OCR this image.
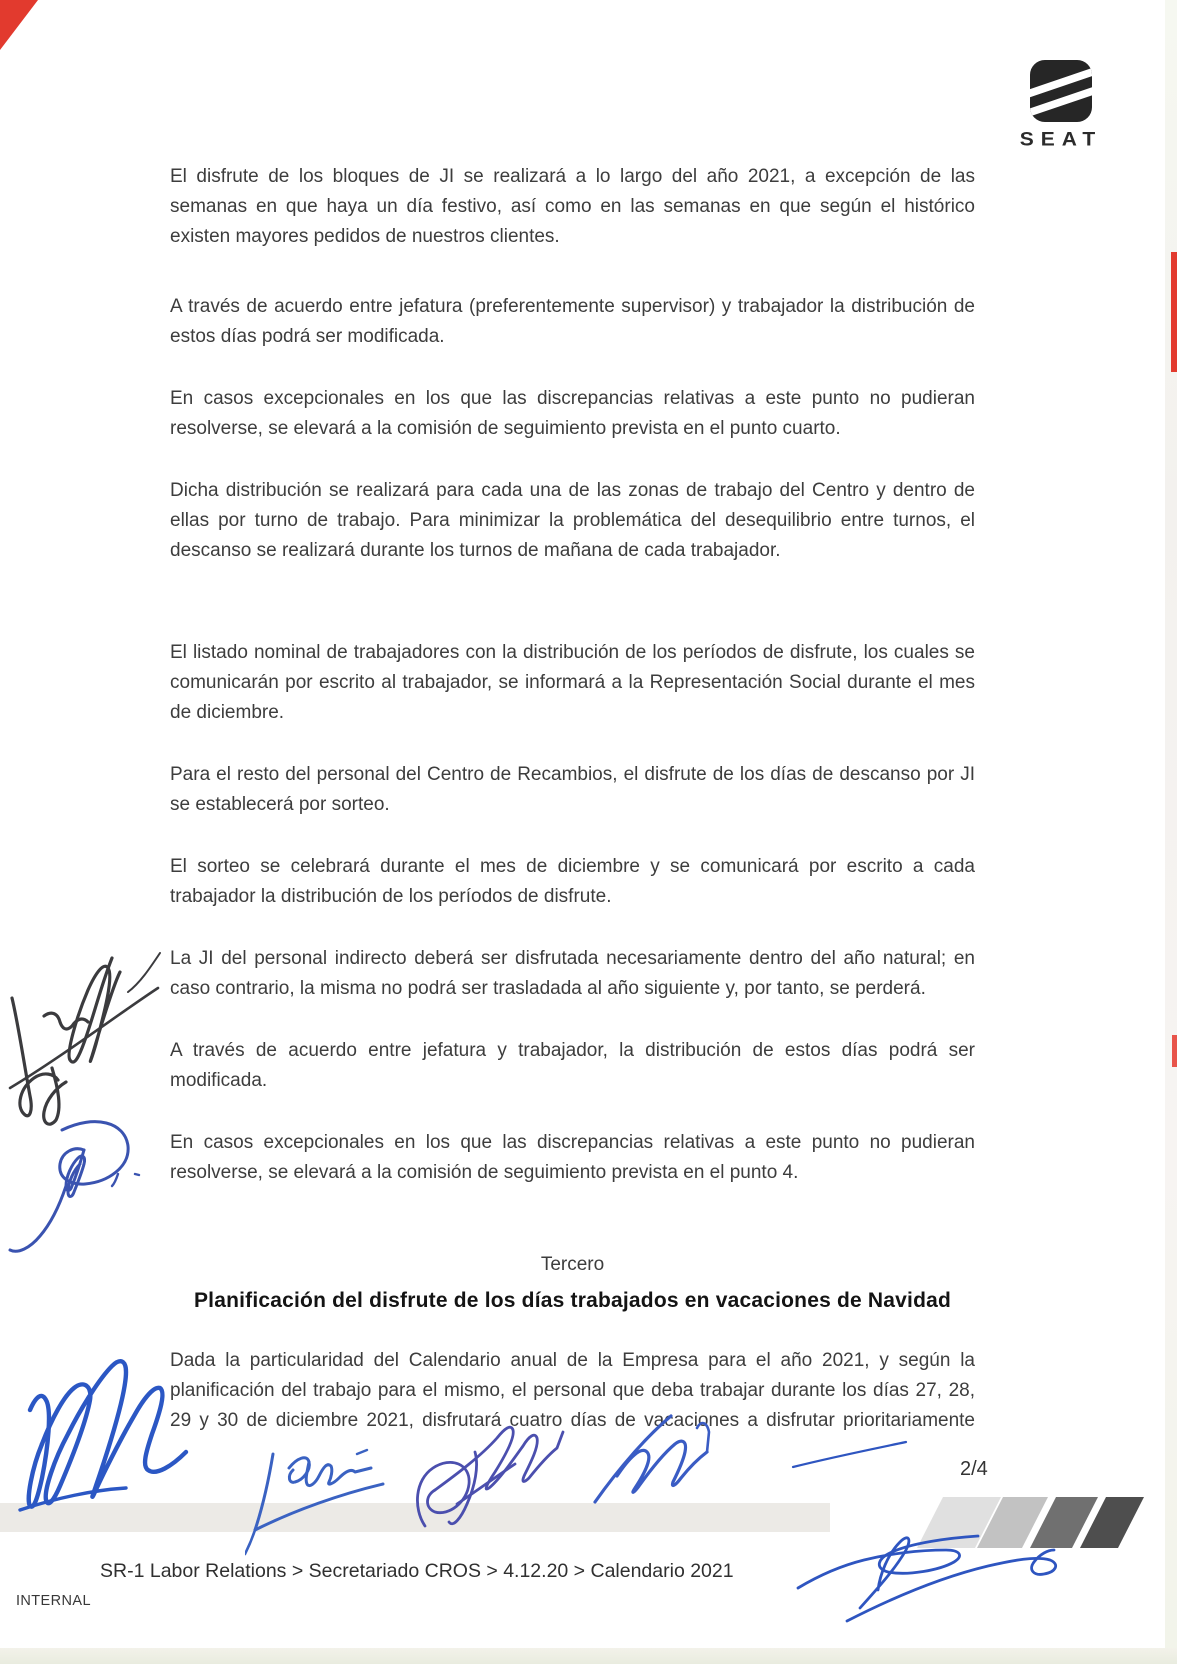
SEAT

El disfrute de los bloques de JI se realizará a lo largo del año 2021, a excepción de las semanas en que haya un día festivo, así como en las semanas en que según el histórico existen mayores pedidos de nuestros clientes.

A través de acuerdo entre jefatura (preferentemente supervisor) y trabajador la distribución de estos días podrá ser modificada.

En casos excepcionales en los que las discrepancias relativas a este punto no pudieran resolverse, se elevará a la comisión de seguimiento prevista en el punto cuarto.

Dicha distribución se realizará para cada una de las zonas de trabajo del Centro y dentro de ellas por turno de trabajo. Para minimizar la problemática del desequilibrio entre turnos, el descanso se realizará durante los turnos de mañana de cada trabajador.

El listado nominal de trabajadores con la distribución de los períodos de disfrute, los cuales se comunicarán por escrito al trabajador, se informará a la Representación Social durante el mes de diciembre.

Para el resto del personal del Centro de Recambios, el disfrute de los días de descanso por JI se establecerá por sorteo.

El sorteo se celebrará durante el mes de diciembre y se comunicará por escrito a cada trabajador la distribución de los períodos de disfrute.

La JI del personal indirecto deberá ser disfrutada necesariamente dentro del año natural; en caso contrario, la misma no podrá ser trasladada al año siguiente y, por tanto, se perderá.

A través de acuerdo entre jefatura y trabajador, la distribución de estos días podrá ser modificada.

En casos excepcionales en los que las discrepancias relativas a este punto no pudieran resolverse, se elevará a la comisión de seguimiento prevista en el punto 4.

Tercero
Planificación del disfrute de los días trabajados en vacaciones de Navidad

Dada la particularidad del Calendario anual de la Empresa para el año 2021, y según la planificación del trabajo para el mismo, el personal que deba trabajar durante los días 27, 28, 29 y 30 de diciembre 2021, disfrutará cuatro días de vacaciones a disfrutar prioritariamente

2/4
SR-1 Labor Relations > Secretariado CROS > 4.12.20 > Calendario 2021
INTERNAL
